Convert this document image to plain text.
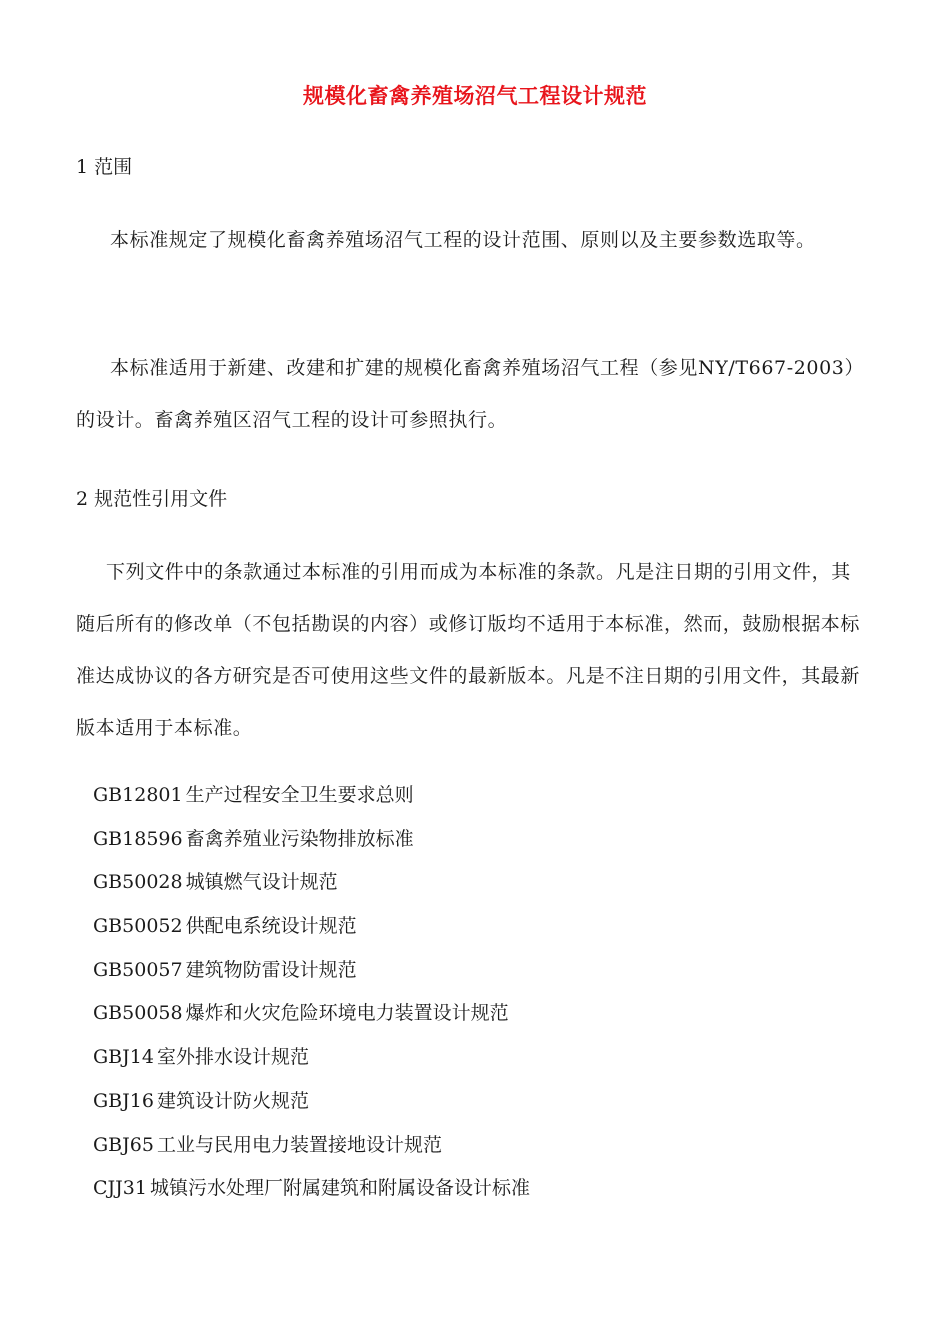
规模化畜禽养殖场沼气工程设计规范
1 范围
本标准规定了规模化畜禽养殖场沼气工程的设计范围、原则以及主要参数选取等。
本标准适用于新建、改建和扩建的规模化畜禽养殖场沼气工程（参见NY/T667-2003）的设计。畜禽养殖区沼气工程的设计可参照执行。
2 规范性引用文件
下列文件中的条款通过本标准的引用而成为本标准的条款。凡是注日期的引用文件，其随后所有的修改单（不包括勘误的内容）或修订版均不适用于本标准，然而，鼓励根据本标准达成协议的各方研究是否可使用这些文件的最新版本。凡是不注日期的引用文件，其最新版本适用于本标准。
GB12801 生产过程安全卫生要求总则
GB18596 畜禽养殖业污染物排放标准
GB50028 城镇燃气设计规范
GB50052 供配电系统设计规范
GB50057 建筑物防雷设计规范
GB50058 爆炸和火灾危险环境电力装置设计规范
GBJ14 室外排水设计规范
GBJ16 建筑设计防火规范
GBJ65 工业与民用电力装置接地设计规范
CJJ31 城镇污水处理厂附属建筑和附属设备设计标准
